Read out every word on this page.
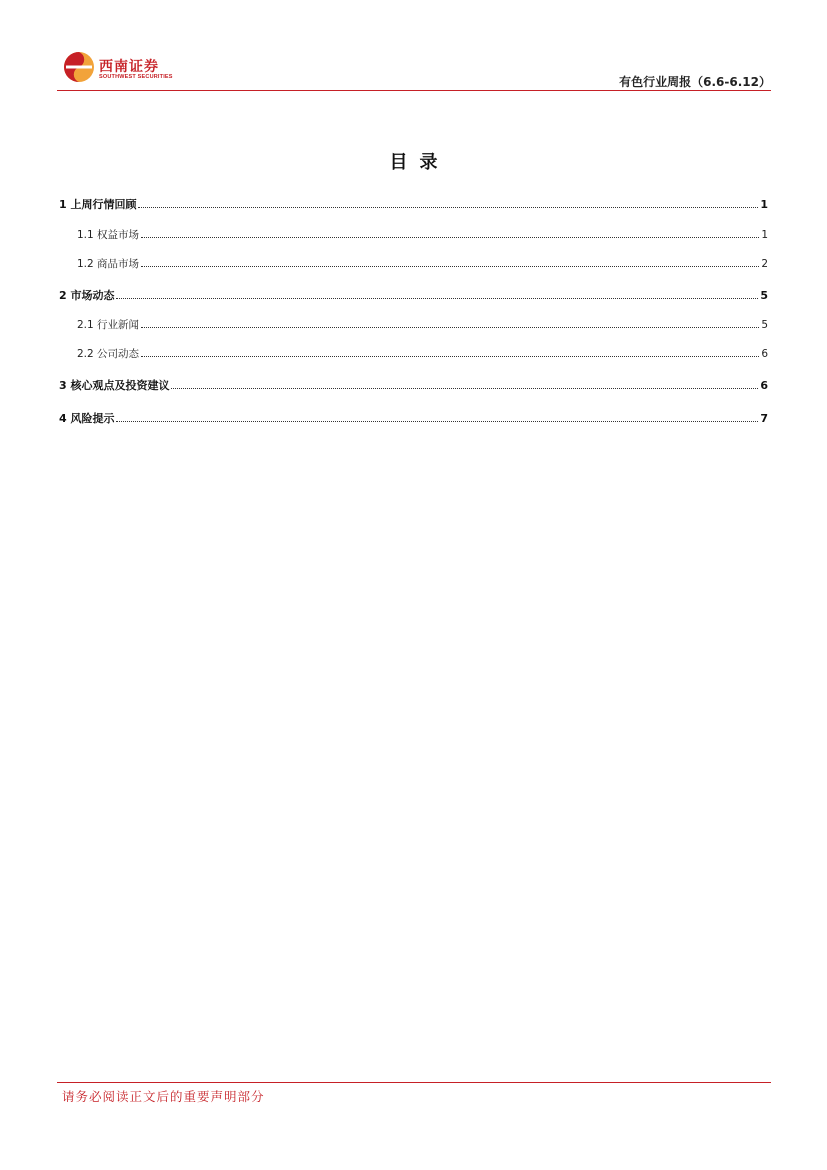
西南证券
SOUTHWEST SECURITIES	有色行业周报（6.6-6.12）
目录
1 上周行情回顾	1
1.1 权益市场	1
1.2 商品市场	2
2 市场动态	5
2.1 行业新闻	5
2.2 公司动态	6
3 核心观点及投资建议	6
4 风险提示	7
请务必阅读正文后的重要声明部分
